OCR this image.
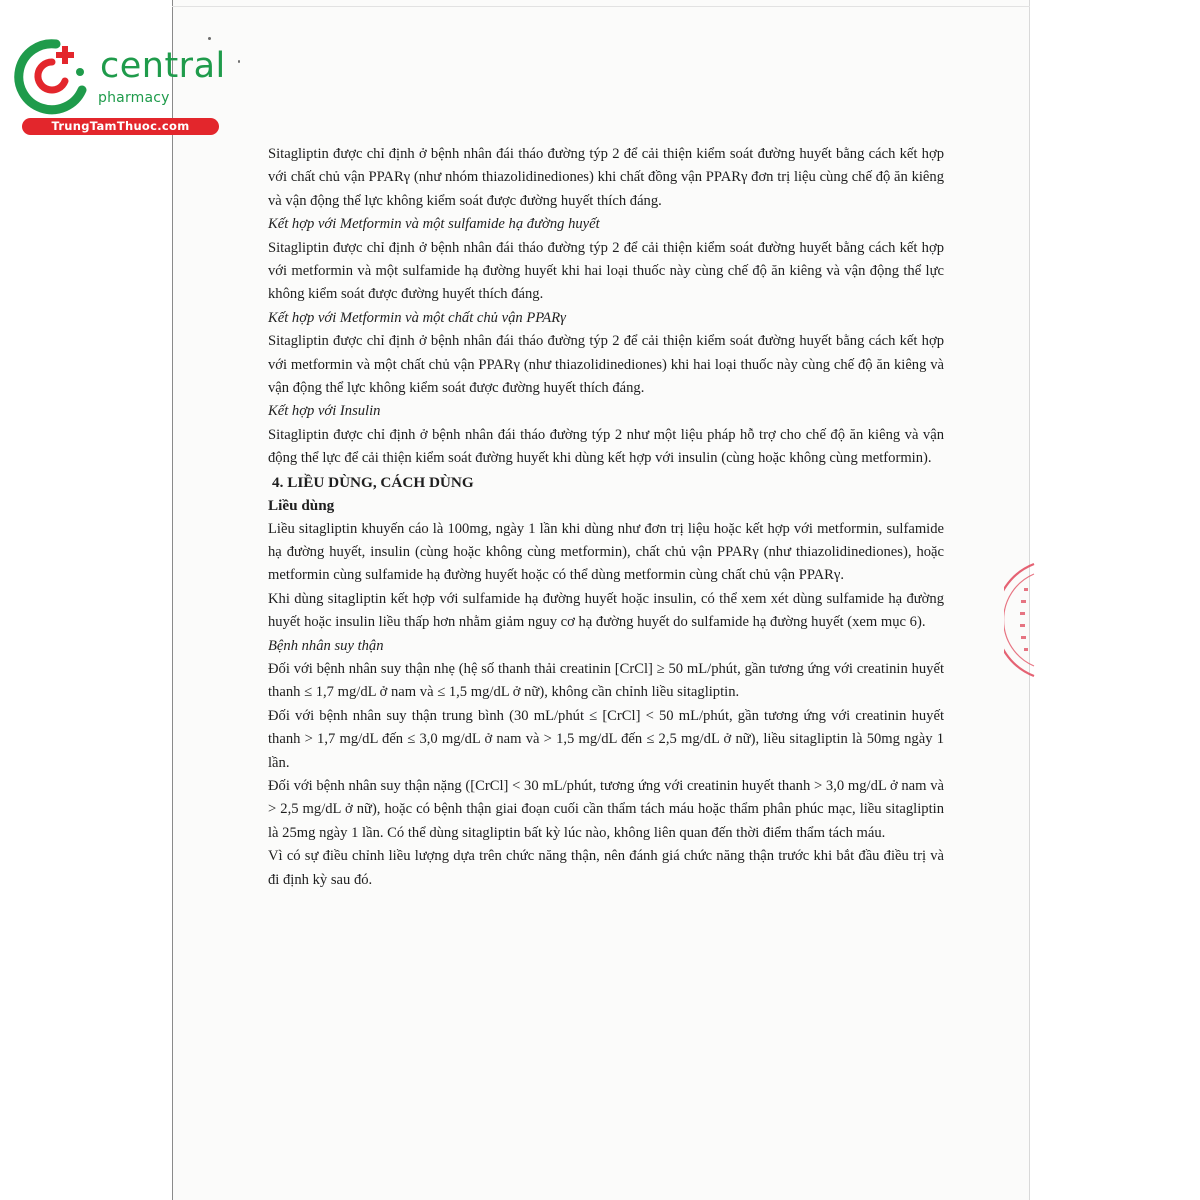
central
pharmacy
TrungTamThuoc.com

Sitagliptin được chỉ định ở bệnh nhân đái tháo đường týp 2 để cải thiện kiểm soát đường huyết bằng cách kết hợp với chất chủ vận PPARγ (như nhóm thiazolidinediones) khi chất đồng vận PPARγ đơn trị liệu cùng chế độ ăn kiêng và vận động thể lực không kiểm soát được đường huyết thích đáng.

Kết hợp với Metformin và một sulfamide hạ đường huyết

Sitagliptin được chỉ định ở bệnh nhân đái tháo đường týp 2 để cải thiện kiểm soát đường huyết bằng cách kết hợp với metformin và một sulfamide hạ đường huyết khi hai loại thuốc này cùng chế độ ăn kiêng và vận động thể lực không kiểm soát được đường huyết thích đáng.

Kết hợp với Metformin và một chất chủ vận PPARγ

Sitagliptin được chỉ định ở bệnh nhân đái tháo đường týp 2 để cải thiện kiểm soát đường huyết bằng cách kết hợp với metformin và một chất chủ vận PPARγ (như thiazolidinediones) khi hai loại thuốc này cùng chế độ ăn kiêng và vận động thể lực không kiểm soát được đường huyết thích đáng.

Kết hợp với Insulin

Sitagliptin được chỉ định ở bệnh nhân đái tháo đường týp 2 như một liệu pháp hỗ trợ cho chế độ ăn kiêng và vận động thể lực để cải thiện kiểm soát đường huyết khi dùng kết hợp với insulin (cùng hoặc không cùng metformin).

4. LIỀU DÙNG, CÁCH DÙNG
Liều dùng

Liều sitagliptin khuyến cáo là 100mg, ngày 1 lần khi dùng như đơn trị liệu hoặc kết hợp với metformin, sulfamide hạ đường huyết, insulin (cùng hoặc không cùng metformin), chất chủ vận PPARγ (như thiazolidinediones), hoặc metformin cùng sulfamide hạ đường huyết hoặc có thể dùng metformin cùng chất chủ vận PPARγ.

Khi dùng sitagliptin kết hợp với sulfamide hạ đường huyết hoặc insulin, có thể xem xét dùng sulfamide hạ đường huyết hoặc insulin liều thấp hơn nhằm giảm nguy cơ hạ đường huyết do sulfamide hạ đường huyết (xem mục 6).

Bệnh nhân suy thận

Đối với bệnh nhân suy thận nhẹ (hệ số thanh thải creatinin [CrCl] ≥ 50 mL/phút, gần tương ứng với creatinin huyết thanh ≤ 1,7 mg/dL ở nam và ≤ 1,5 mg/dL ở nữ), không cần chỉnh liều sitagliptin.

Đối với bệnh nhân suy thận trung bình (30 mL/phút ≤ [CrCl] < 50 mL/phút, gần tương ứng với creatinin huyết thanh > 1,7 mg/dL đến ≤ 3,0 mg/dL ở nam và > 1,5 mg/dL đến ≤ 2,5 mg/dL ở nữ), liều sitagliptin là 50mg ngày 1 lần.

Đối với bệnh nhân suy thận nặng ([CrCl] < 30 mL/phút, tương ứng với creatinin huyết thanh > 3,0 mg/dL ở nam và > 2,5 mg/dL ở nữ), hoặc có bệnh thận giai đoạn cuối cần thẩm tách máu hoặc thẩm phân phúc mạc, liều sitagliptin là 25mg ngày 1 lần. Có thể dùng sitagliptin bất kỳ lúc nào, không liên quan đến thời điểm thẩm tách máu.

Vì có sự điều chỉnh liều lượng dựa trên chức năng thận, nên đánh giá chức năng thận trước khi bắt đầu điều trị và đi định kỳ sau đó.
